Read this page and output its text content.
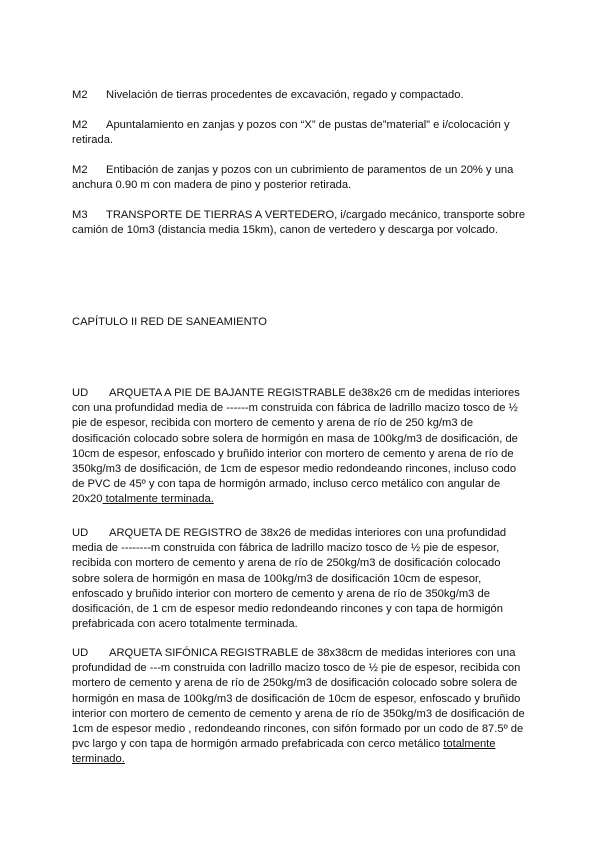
M2 Nivelación de tierras procedentes de excavación, regado y compactado.

M2 Apuntalamiento en zanjas y pozos con “X” de pustas de”material” e i/colocación y
retirada.

M2 Entibación de zanjas y pozos con un cubrimiento de paramentos de un 20% y una
anchura 0.90 m con madera de pino y posterior retirada.

M3 TRANSPORTE DE TIERRAS A VERTEDERO, i/cargado mecánico, transporte sobre
camión de 10m3 (distancia media 15km), canon de vertedero y descarga por volcado.

CAPÍTULO II RED DE SANEAMIENTO

UD ARQUETA A PIE DE BAJANTE REGISTRABLE de38x26 cm de medidas interiores
con una profundidad media de ------m construida con fábrica de ladrillo macizo tosco de ½
pie de espesor, recibida con mortero de cemento y arena de río de 250 kg/m3 de
dosificación colocado sobre solera de hormigón en masa de 100kg/m3 de dosificación, de
10cm de espesor, enfoscado y bruñido interior con mortero de cemento y arena de río de
350kg/m3 de dosificación, de 1cm de espesor medio redondeando rincones, incluso codo
de PVC de 45º y con tapa de hormigón armado, incluso cerco metálico con angular de
20x20 totalmente terminada.

UD ARQUETA DE REGISTRO de 38x26 de medidas interiores con una profundidad
media de --------m construida con fábrica de ladrillo macizo tosco de ½ pie de espesor,
recibida con mortero de cemento y arena de río de 250kg/m3 de dosificación colocado
sobre solera de hormigón en masa de 100kg/m3 de dosificación 10cm de espesor,
enfoscado y bruñido interior con mortero de cemento y arena de río de 350kg/m3 de
dosificación, de 1 cm de espesor medio redondeando rincones y con tapa de hormigón
prefabricada con acero totalmente terminada.

UD ARQUETA SIFÓNICA REGISTRABLE de 38x38cm de medidas interiores con una
profundidad de ---m construida con ladrillo macizo tosco de ½ pie de espesor, recibida con
mortero de cemento y arena de río de 250kg/m3 de dosificación colocado sobre solera de
hormigón en masa de 100kg/m3 de dosificación de 10cm de espesor, enfoscado y bruñido
interior con mortero de cemento de cemento y arena de río de 350kg/m3 de dosificación de
1cm de espesor medio , redondeando rincones, con sifón formado por un codo de 87.5º de
pvc largo y con tapa de hormigón armado prefabricada con cerco metálico totalmente
terminado.
